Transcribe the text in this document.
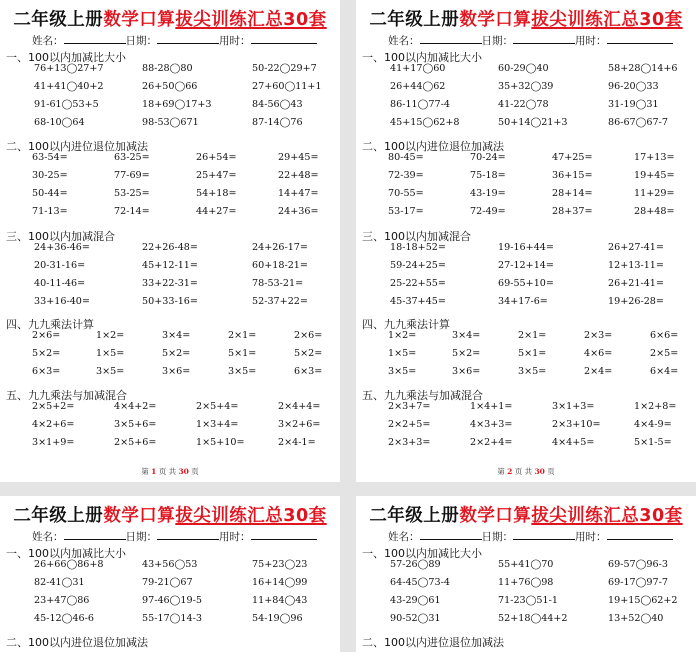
二年级上册数学口算拔尖训练汇总30套
姓名：	日期：	用时：
一、100以内加减比大小
76+13◯27+7	88-28◯80	50-22◯29+7
41+41◯40+2	26+50◯66	27+60◯11+1
91-61◯53+5	18+69◯17+3	84-56◯43
68-10◯64	98-53◯671	87-14◯76
二、100以内进位退位加减法
63-54=	63-25=	26+54=	29+45=
30-25=	77-69=	25+47=	22+48=
50-44=	53-25=	54+18=	14+47=
71-13=	72-14=	44+27=	24+36=
三、100以内加减混合
24+36-46=	22+26-48=	24+26-17=
20-31-16=	45+12-11=	60+18-21=
40-11-46=	33+22-31=	78-53-21=
33+16-40=	50+33-16=	52-37+22=
四、九九乘法计算
2×6=	1×2=	3×4=	2×1=	2×6=
5×2=	1×5=	5×2=	5×1=	5×2=
6×3=	3×5=	3×6=	3×5=	6×3=
五、九九乘法与加减混合
2×5+2=	4×4+2=	2×5+4=	2×4+4=
4×2+6=	3×5+6=	1×3+4=	3×2+6=
3×1+9=	2×5+6=	1×5+10=	2×4-1=
第 1 页 共 30 页
二年级上册数学口算拔尖训练汇总30套
姓名：	日期：	用时：
一、100以内加减比大小
41+17◯60	60-29◯40	58+28◯14+6
26+44◯62	35+32◯39	96-20◯33
86-11◯77-4	41-22◯78	31-19◯31
45+15◯62+8	50+14◯21+3	86-67◯67-7
二、100以内进位退位加减法
80-45=	70-24=	47+25=	17+13=
72-39=	75-18=	36+15=	19+45=
70-55=	43-19=	28+14=	11+29=
53-17=	72-49=	28+37=	28+48=
三、100以内加减混合
18-18+52=	19-16+44=	26+27-41=
59-24+25=	27-12+14=	12+13-11=
25-22+55=	69-55+10=	26+21-41=
45-37+45=	34+17-6=	19+26-28=
四、九九乘法计算
1×2=	3×4=	2×1=	2×3=	6×6=
1×5=	5×2=	5×1=	4×6=	2×5=
3×5=	3×6=	3×5=	2×4=	6×4=
五、九九乘法与加减混合
2×3+7=	1×4+1=	3×1+3=	1×2+8=
2×2+5=	4×3+3=	2×3+10=	4×4-9=
2×3+3=	2×2+4=	4×4+5=	5×1-5=
第 2 页 共 30 页
二年级上册数学口算拔尖训练汇总30套
姓名：	日期：	用时：
一、100以内加减比大小
26+66◯86+8	43+56◯53	75+23◯23
82-41◯31	79-21◯67	16+14◯99
23+47◯86	97-46◯19-5	11+84◯43
45-12◯46-6	55-17◯14-3	54-19◯96
二、100以内进位退位加减法
二年级上册数学口算拔尖训练汇总30套
姓名：	日期：	用时：
一、100以内加减比大小
57-26◯89	55+41◯70	69-57◯96-3
64-45◯73-4	11+76◯98	69-17◯97-7
43-29◯61	71-23◯51-1	19+15◯62+2
90-52◯31	52+18◯44+2	13+52◯40
二、100以内进位退位加减法
